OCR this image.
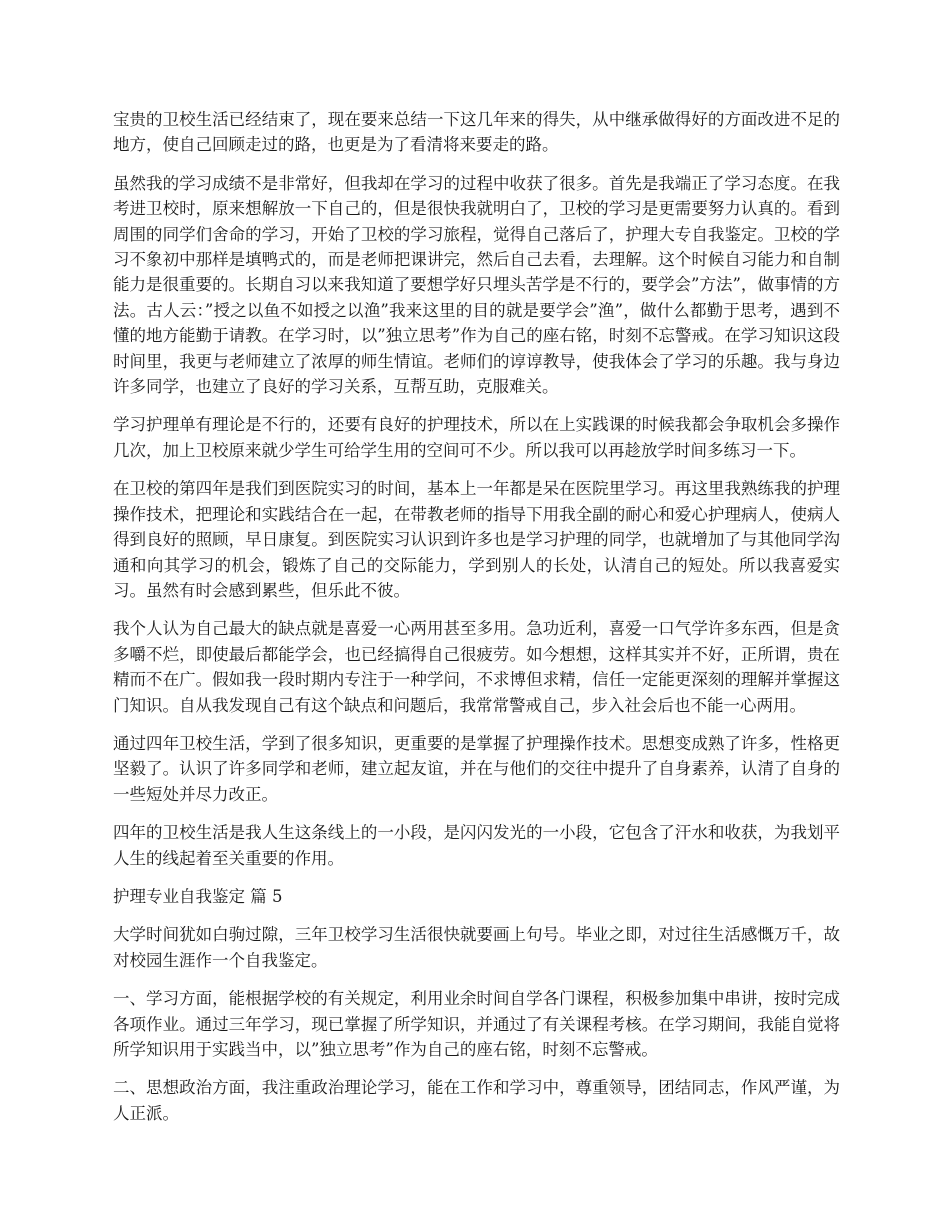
宝贵的卫校生活已经结束了，现在要来总结一下这几年来的得失，从中继承做得好的方面改进不足的地方，使自己回顾走过的路，也更是为了看清将来要走的路。

虽然我的学习成绩不是非常好，但我却在学习的过程中收获了很多。首先是我端正了学习态度。在我考进卫校时，原来想解放一下自己的，但是很快我就明白了，卫校的学习是更需要努力认真的。看到周围的同学们舍命的学习，开始了卫校的学习旅程，觉得自己落后了，护理大专自我鉴定。卫校的学习不象初中那样是填鸭式的，而是老师把课讲完，然后自己去看，去理解。这个时候自习能力和自制能力是很重要的。长期自习以来我知道了要想学好只埋头苦学是不行的，要学会”方法”，做事情的方法。古人云：”授之以鱼不如授之以渔”我来这里的目的就是要学会”渔”，做什么都勤于思考，遇到不懂的地方能勤于请教。在学习时，以”独立思考”作为自己的座右铭，时刻不忘警戒。在学习知识这段时间里，我更与老师建立了浓厚的师生情谊。老师们的谆谆教导，使我体会了学习的乐趣。我与身边许多同学，也建立了良好的学习关系，互帮互助，克服难关。

学习护理单有理论是不行的，还要有良好的护理技术，所以在上实践课的时候我都会争取机会多操作几次，加上卫校原来就少学生可给学生用的空间可不少。所以我可以再趁放学时间多练习一下。

在卫校的第四年是我们到医院实习的时间，基本上一年都是呆在医院里学习。再这里我熟练我的护理操作技术，把理论和实践结合在一起，在带教老师的指导下用我全副的耐心和爱心护理病人，使病人得到良好的照顾，早日康复。到医院实习认识到许多也是学习护理的同学，也就增加了与其他同学沟通和向其学习的机会，锻炼了自己的交际能力，学到别人的长处，认清自己的短处。所以我喜爱实习。虽然有时会感到累些，但乐此不彼。

我个人认为自己最大的缺点就是喜爱一心两用甚至多用。急功近利，喜爱一口气学许多东西，但是贪多嚼不烂，即使最后都能学会，也已经搞得自己很疲劳。如今想想，这样其实并不好，正所谓，贵在精而不在广。假如我一段时期内专注于一种学问，不求博但求精，信任一定能更深刻的理解并掌握这门知识。自从我发现自己有这个缺点和问题后，我常常警戒自己，步入社会后也不能一心两用。

通过四年卫校生活，学到了很多知识，更重要的是掌握了护理操作技术。思想变成熟了许多，性格更坚毅了。认识了许多同学和老师，建立起友谊，并在与他们的交往中提升了自身素养，认清了自身的一些短处并尽力改正。

四年的卫校生活是我人生这条线上的一小段，是闪闪发光的一小段，它包含了汗水和收获，为我划平人生的线起着至关重要的作用。

护理专业自我鉴定 篇 5

大学时间犹如白驹过隙，三年卫校学习生活很快就要画上句号。毕业之即，对过往生活感慨万千，故对校园生涯作一个自我鉴定。

一、学习方面，能根据学校的有关规定，利用业余时间自学各门课程，积极参加集中串讲，按时完成各项作业。通过三年学习，现已掌握了所学知识，并通过了有关课程考核。在学习期间，我能自觉将所学知识用于实践当中，以”独立思考”作为自己的座右铭，时刻不忘警戒。

二、思想政治方面，我注重政治理论学习，能在工作和学习中，尊重领导，团结同志，作风严谨，为人正派。
